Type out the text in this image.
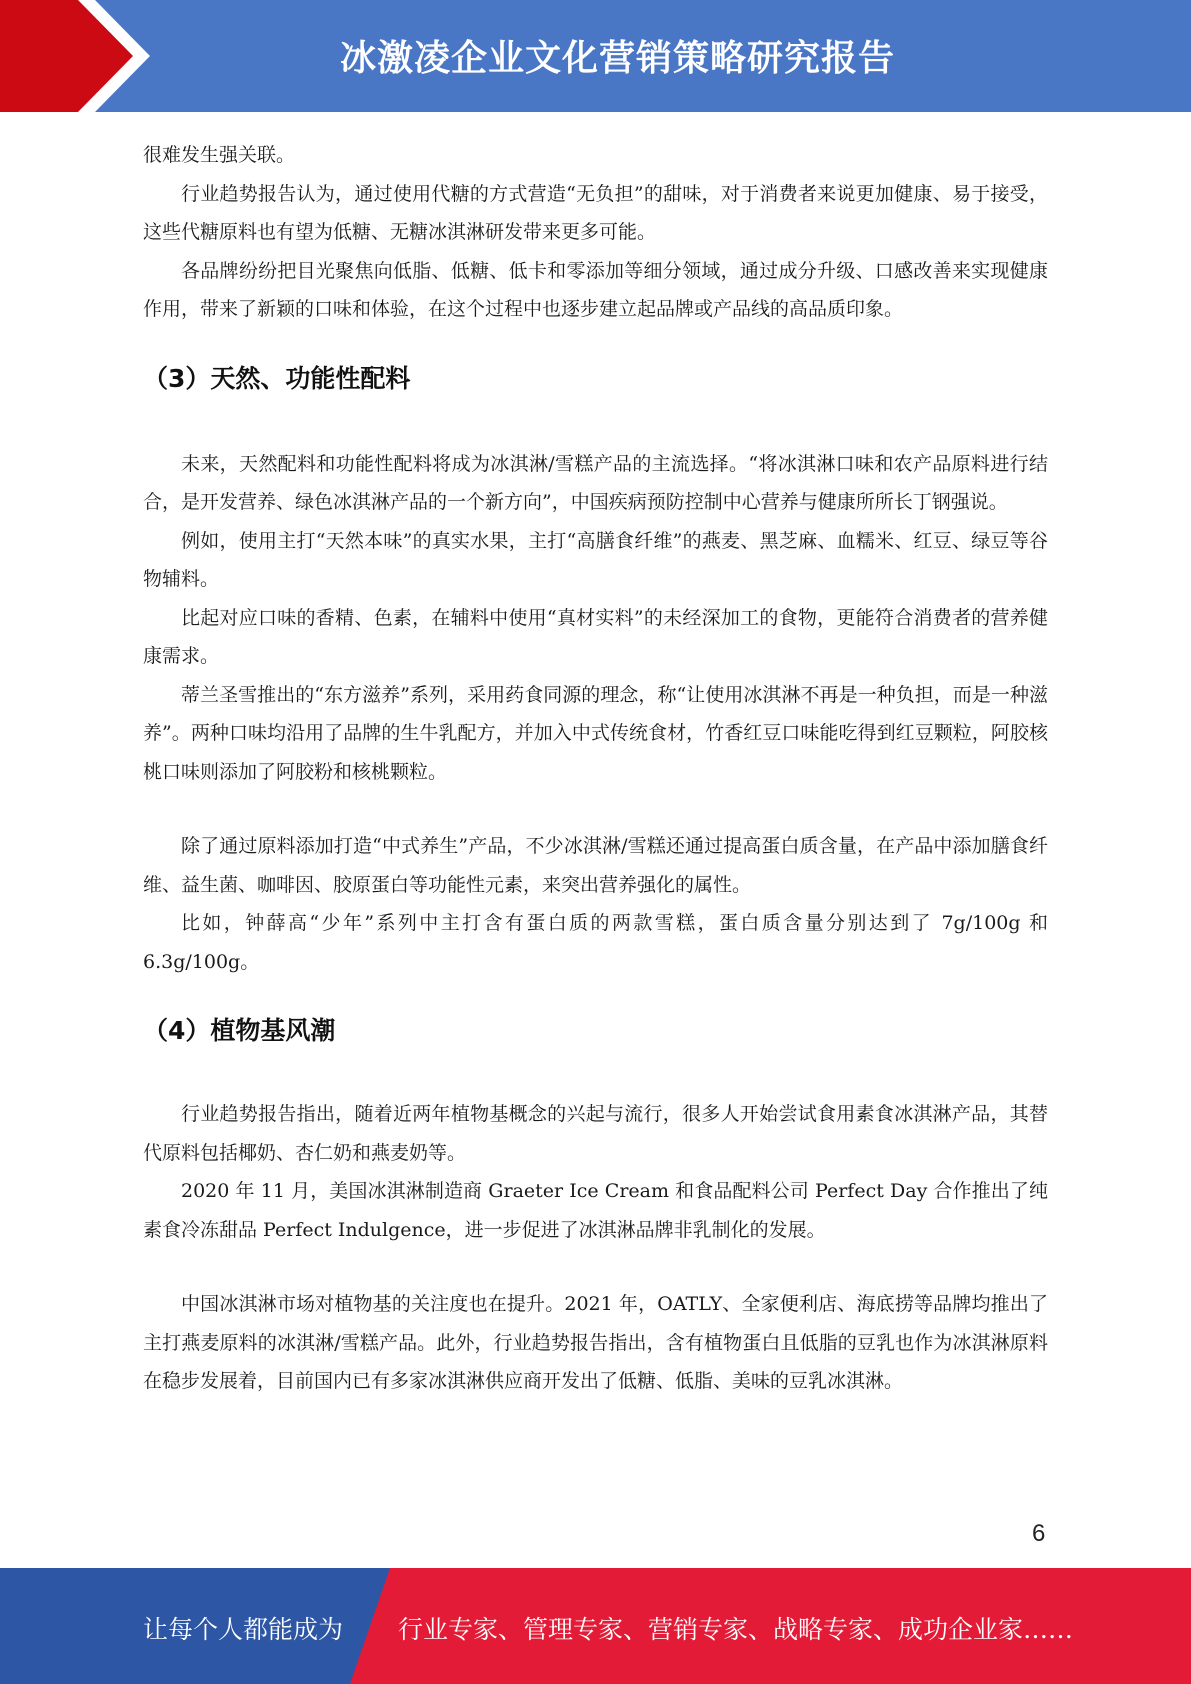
冰激凌企业文化营销策略研究报告

很难发生强关联。

行业趋势报告认为，通过使用代糖的方式营造“无负担”的甜味，对于消费者来说更加健康、易于接受，这些代糖原料也有望为低糖、无糖冰淇淋研发带来更多可能。

各品牌纷纷把目光聚焦向低脂、低糖、低卡和零添加等细分领域，通过成分升级、口感改善来实现健康作用，带来了新颖的口味和体验，在这个过程中也逐步建立起品牌或产品线的高品质印象。

（3）天然、功能性配料

未来，天然配料和功能性配料将成为冰淇淋/雪糕产品的主流选择。“将冰淇淋口味和农产品原料进行结合，是开发营养、绿色冰淇淋产品的一个新方向”，中国疾病预防控制中心营养与健康所所长丁钢强说。

例如，使用主打“天然本味”的真实水果，主打“高膳食纤维”的燕麦、黑芝麻、血糯米、红豆、绿豆等谷物辅料。

比起对应口味的香精、色素，在辅料中使用“真材实料”的未经深加工的食物，更能符合消费者的营养健康需求。

蒂兰圣雪推出的“东方滋养”系列，采用药食同源的理念，称“让使用冰淇淋不再是一种负担，而是一种滋养”。两种口味均沿用了品牌的生牛乳配方，并加入中式传统食材，竹香红豆口味能吃得到红豆颗粒，阿胶核桃口味则添加了阿胶粉和核桃颗粒。

除了通过原料添加打造“中式养生”产品，不少冰淇淋/雪糕还通过提高蛋白质含量，在产品中添加膳食纤维、益生菌、咖啡因、胶原蛋白等功能性元素，来突出营养强化的属性。

比如，钟薛高“少年”系列中主打含有蛋白质的两款雪糕，蛋白质含量分别达到了 7g/100g 和 6.3g/100g。

（4）植物基风潮

行业趋势报告指出，随着近两年植物基概念的兴起与流行，很多人开始尝试食用素食冰淇淋产品，其替代原料包括椰奶、杏仁奶和燕麦奶等。

2020 年 11 月，美国冰淇淋制造商 Graeter Ice Cream 和食品配料公司 Perfect Day 合作推出了纯素食冷冻甜品 Perfect Indulgence，进一步促进了冰淇淋品牌非乳制化的发展。

中国冰淇淋市场对植物基的关注度也在提升。2021 年，OATLY、全家便利店、海底捞等品牌均推出了主打燕麦原料的冰淇淋/雪糕产品。此外，行业趋势报告指出，含有植物蛋白且低脂的豆乳也作为冰淇淋原料在稳步发展着，目前国内已有多家冰淇淋供应商开发出了低糖、低脂、美味的豆乳冰淇淋。

6
让每个人都能成为 行业专家、管理专家、营销专家、战略专家、成功企业家……
